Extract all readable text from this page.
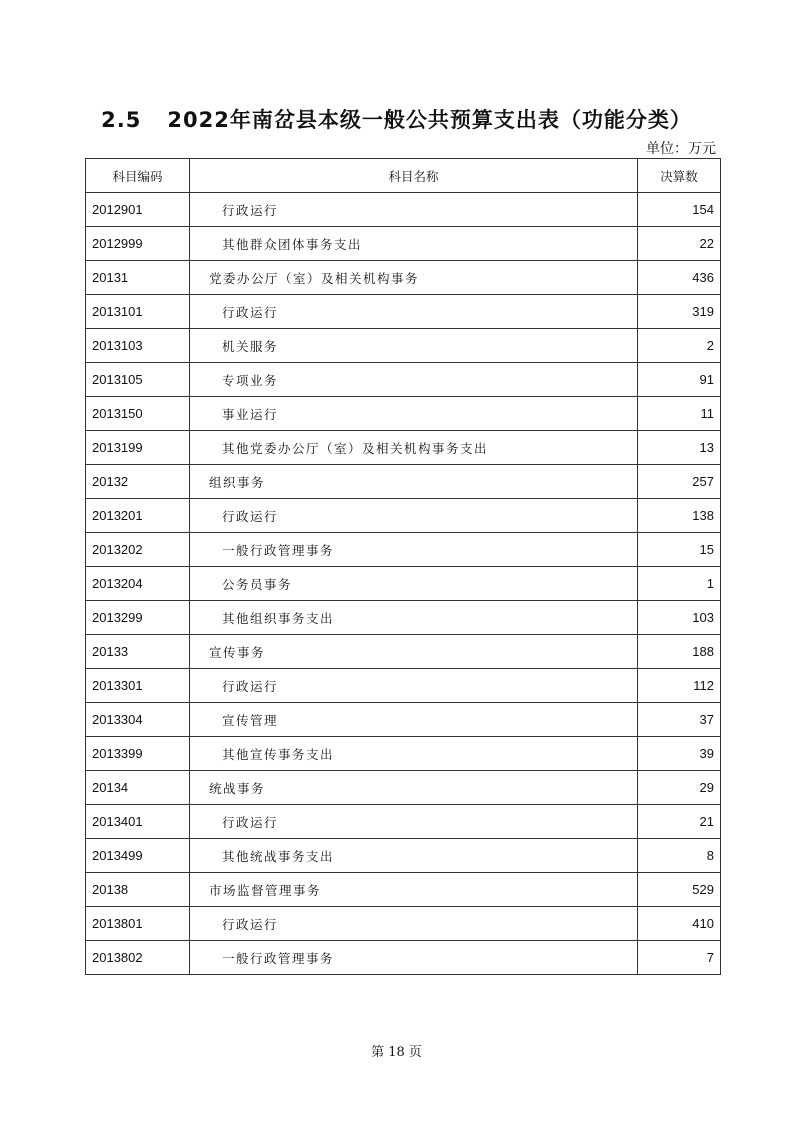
2.5 2022年南岔县本级一般公共预算支出表（功能分类）
单位：万元
科目编码	科目名称	决算数
2012901	行政运行	154
2012999	其他群众团体事务支出	22
20131	党委办公厅（室）及相关机构事务	436
2013101	行政运行	319
2013103	机关服务	2
2013105	专项业务	91
2013150	事业运行	11
2013199	其他党委办公厅（室）及相关机构事务支出	13
20132	组织事务	257
2013201	行政运行	138
2013202	一般行政管理事务	15
2013204	公务员事务	1
2013299	其他组织事务支出	103
20133	宣传事务	188
2013301	行政运行	112
2013304	宣传管理	37
2013399	其他宣传事务支出	39
20134	统战事务	29
2013401	行政运行	21
2013499	其他统战事务支出	8
20138	市场监督管理事务	529
2013801	行政运行	410
2013802	一般行政管理事务	7
第 18 页
